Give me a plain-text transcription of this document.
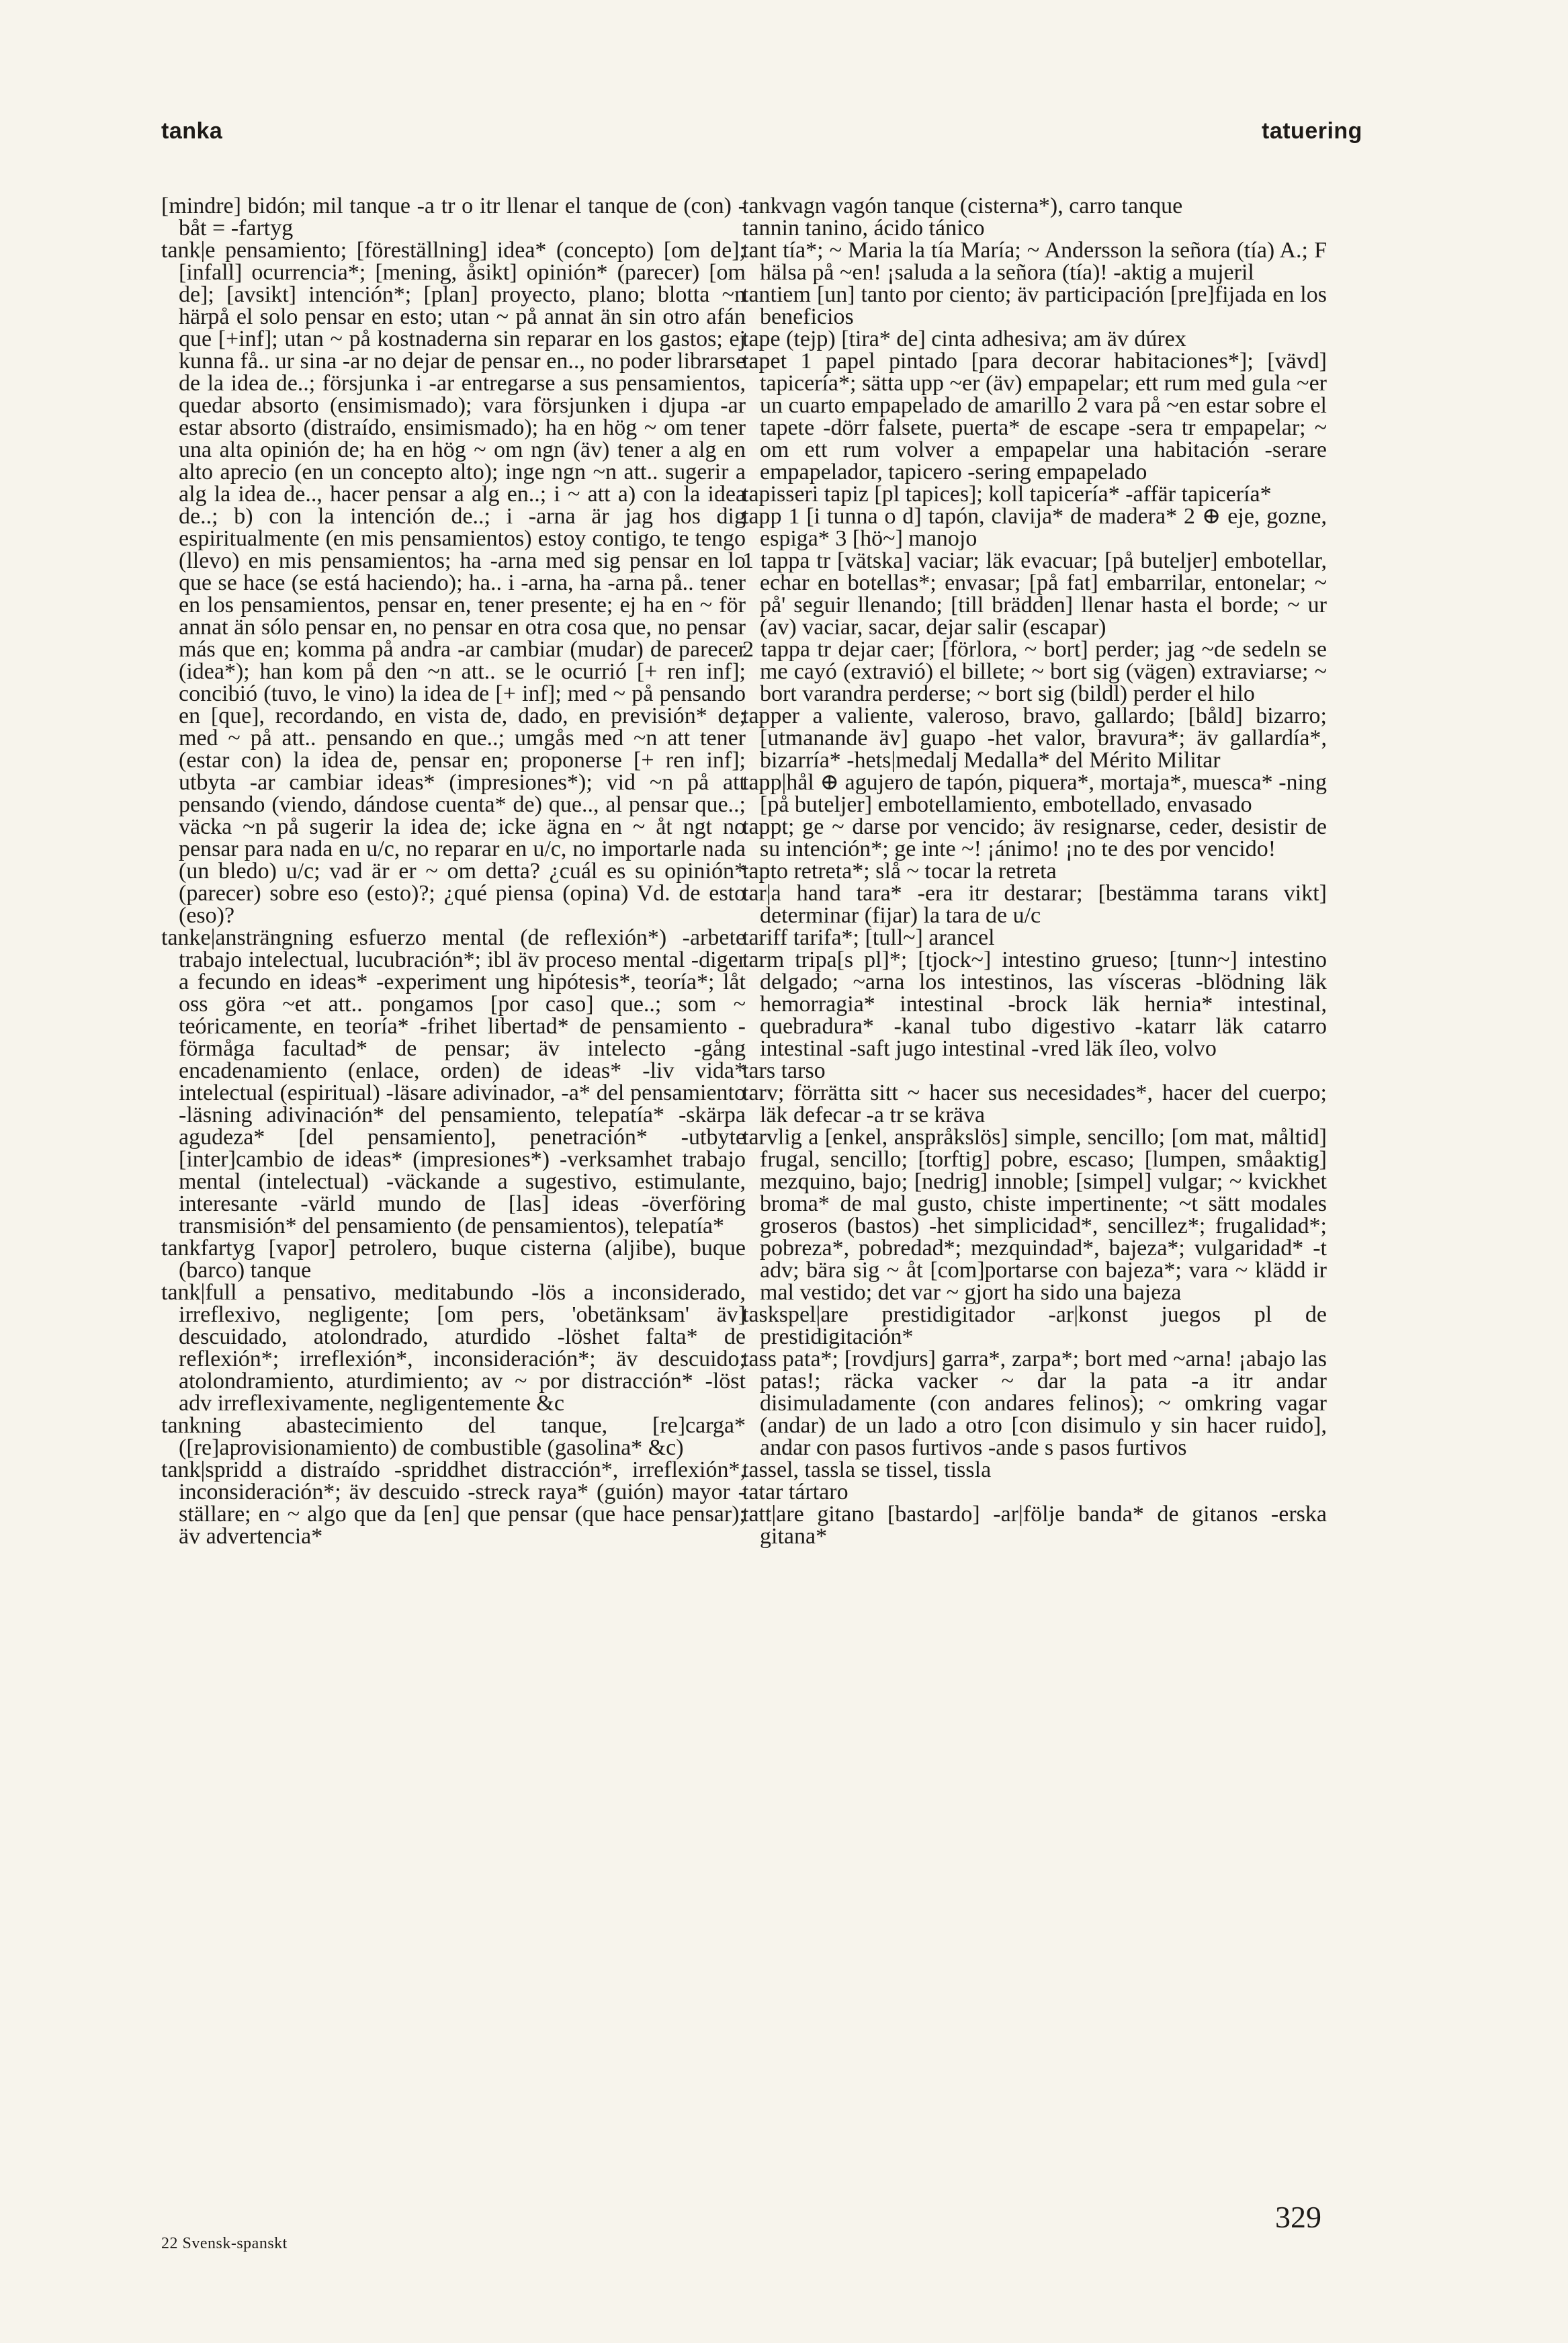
tanka	tatuering

[mindre] bidón; mil tanque -a tr o itr llenar el tanque de (con) -båt = -fartyg

tank|e pensamiento; [föreställning] idea* (concepto) [om de]; [infall] ocurrencia*; [mening, åsikt] opinión* (parecer) [om de]; [avsikt] intención*; [plan] proyecto, plano; blotta ~n härpå el solo pensar en esto; utan ~ på annat än sin otro afán que [+inf]; utan ~ på kostnaderna sin reparar en los gastos; ej kunna få.. ur sina -ar no dejar de pensar en.., no poder librarse de la idea de..; försjunka i -ar entregarse a sus pensamientos, quedar absorto (ensimismado); vara försjunken i djupa -ar estar absorto (distraído, ensimismado); ha en hög ~ om tener una alta opinión de; ha en hög ~ om ngn (äv) tener a alg en alto aprecio (en un concepto alto); inge ngn ~n att.. sugerir a alg la idea de.., hacer pensar a alg en..; i ~ att a) con la idea de..; b) con la intención de..; i -arna är jag hos dig espiritualmente (en mis pensamientos) estoy contigo, te tengo (llevo) en mis pensamientos; ha -arna med sig pensar en lo que se hace (se está haciendo); ha.. i -arna, ha -arna på.. tener en los pensamientos, pensar en, tener presente; ej ha en ~ för annat än sólo pensar en, no pensar en otra cosa que, no pensar más que en; komma på andra -ar cambiar (mudar) de parecer (idea*); han kom på den ~n att.. se le ocurrió [+ ren inf]; concibió (tuvo, le vino) la idea de [+ inf]; med ~ på pensando en [que], recordando, en vista de, dado, en previsión* de; med ~ på att.. pensando en que..; umgås med ~n att tener (estar con) la idea de, pensar en; proponerse [+ ren inf]; utbyta -ar cambiar ideas* (impresiones*); vid ~n på att pensando (viendo, dándose cuenta* de) que.., al pensar que..; väcka ~n på sugerir la idea de; icke ägna en ~ åt ngt no pensar para nada en u/c, no reparar en u/c, no importarle nada (un bledo) u/c; vad är er ~ om detta? ¿cuál es su opinión* (parecer) sobre eso (esto)?; ¿qué piensa (opina) Vd. de esto (eso)?

tanke|ansträngning esfuerzo mental (de reflexión*) -arbete trabajo intelectual, lucubración*; ibl äv proceso mental -diger a fecundo en ideas* -experiment ung hipótesis*, teoría*; låt oss göra ~et att.. pongamos [por caso] que..; som ~ teóricamente, en teoría* -frihet libertad* de pensamiento -förmåga facultad* de pensar; äv intelecto -gång encadenamiento (enlace, orden) de ideas* -liv vida* intelectual (espiritual) -läsare adivinador, -a* del pensamiento -läsning adivinación* del pensamiento, telepatía* -skärpa agudeza* [del pensamiento], penetración* -utbyte [inter]cambio de ideas* (impresiones*) -verksamhet trabajo mental (intelectual) -väckande a sugestivo, estimulante, interesante -värld mundo de [las] ideas -överföring transmisión* del pensamiento (de pensamientos), telepatía*

tankfartyg [vapor] petrolero, buque cisterna (aljibe), buque (barco) tanque

tank|full a pensativo, meditabundo -lös a inconsiderado, irreflexivo, negligente; [om pers, 'obetänksam' äv] descuidado, atolondrado, aturdido -löshet falta* de reflexión*; irreflexión*, inconsideración*; äv descuido; atolondramiento, aturdimiento; av ~ por distracción* -löst adv irreflexivamente, negligentemente &c

tankning abastecimiento del tanque, [re]carga* ([re]aprovisionamiento) de combustible (gasolina* &c)

tank|spridd a distraído -spriddhet distracción*, irreflexión*, inconsideración*; äv descuido -streck raya* (guión) mayor -ställare; en ~ algo que da [en] que pensar (que hace pensar); äv advertencia*

tankvagn vagón tanque (cisterna*), carro tanque

tannin tanino, ácido tánico

tant tía*; ~ Maria la tía María; ~ Andersson la señora (tía) A.; F hälsa på ~en! ¡saluda a la señora (tía)! -aktig a mujeril

tantiem [un] tanto por ciento; äv participación [pre]fijada en los beneficios

tape (tejp) [tira* de] cinta adhesiva; am äv dúrex

tapet 1 papel pintado [para decorar habitaciones*]; [vävd] tapicería*; sätta upp ~er (äv) empapelar; ett rum med gula ~er un cuarto empapelado de amarillo 2 vara på ~en estar sobre el tapete -dörr falsete, puerta* de escape -sera tr empapelar; ~ om ett rum volver a empapelar una habitación -serare empapelador, tapicero -sering empapelado

tapisseri tapiz [pl tapices]; koll tapicería* -affär tapicería*

tapp 1 [i tunna o d] tapón, clavija* de madera* 2 ⊕ eje, gozne, espiga* 3 [hö~] manojo

1 tappa tr [vätska] vaciar; läk evacuar; [på buteljer] embotellar, echar en botellas*; envasar; [på fat] embarrilar, entonelar; ~ på' seguir llenando; [till brädden] llenar hasta el borde; ~ ur (av) vaciar, sacar, dejar salir (escapar)

2 tappa tr dejar caer; [förlora, ~ bort] perder; jag ~de sedeln se me cayó (extravió) el billete; ~ bort sig (vägen) extraviarse; ~ bort varandra perderse; ~ bort sig (bildl) perder el hilo

tapper a valiente, valeroso, bravo, gallardo; [båld] bizarro; [utmanande äv] guapo -het valor, bravura*; äv gallardía*, bizarría* -hets|medalj Medalla* del Mérito Militar

tapp|hål ⊕ agujero de tapón, piquera*, mortaja*, muesca* -ning [på buteljer] embotellamiento, embotellado, envasado

tappt; ge ~ darse por vencido; äv resignarse, ceder, desistir de su intención*; ge inte ~! ¡ánimo! ¡no te des por vencido!

tapto retreta*; slå ~ tocar la retreta

tar|a hand tara* -era itr destarar; [bestämma tarans vikt] determinar (fijar) la tara de u/c

tariff tarifa*; [tull~] arancel

tarm tripa[s pl]*; [tjock~] intestino grueso; [tunn~] intestino delgado; ~arna los intestinos, las vísceras -blödning läk hemorragia* intestinal -brock läk hernia* intestinal, quebradura* -kanal tubo digestivo -katarr läk catarro intestinal -saft jugo intestinal -vred läk íleo, volvo

tars tarso

tarv; förrätta sitt ~ hacer sus necesidades*, hacer del cuerpo; läk defecar -a tr se kräva

tarvlig a [enkel, anspråkslös] simple, sencillo; [om mat, måltid] frugal, sencillo; [torftig] pobre, escaso; [lumpen, småaktig] mezquino, bajo; [nedrig] innoble; [simpel] vulgar; ~ kvickhet broma* de mal gusto, chiste impertinente; ~t sätt modales groseros (bastos) -het simplicidad*, sencillez*; frugalidad*; pobreza*, pobredad*; mezquindad*, bajeza*; vulgaridad* -t adv; bära sig ~ åt [com]portarse con bajeza*; vara ~ klädd ir mal vestido; det var ~ gjort ha sido una bajeza

taskspel|are prestidigitador -ar|konst juegos pl de prestidigitación*

tass pata*; [rovdjurs] garra*, zarpa*; bort med ~arna! ¡abajo las patas!; räcka vacker ~ dar la pata -a itr andar disimuladamente (con andares felinos); ~ omkring vagar (andar) de un lado a otro [con disimulo y sin hacer ruido], andar con pasos furtivos -ande s pasos furtivos

tassel, tassla se tissel, tissla

tatar tártaro

tatt|are gitano [bastardo] -ar|följe banda* de gitanos -erska gitana*

22 Svensk-spanskt
329
